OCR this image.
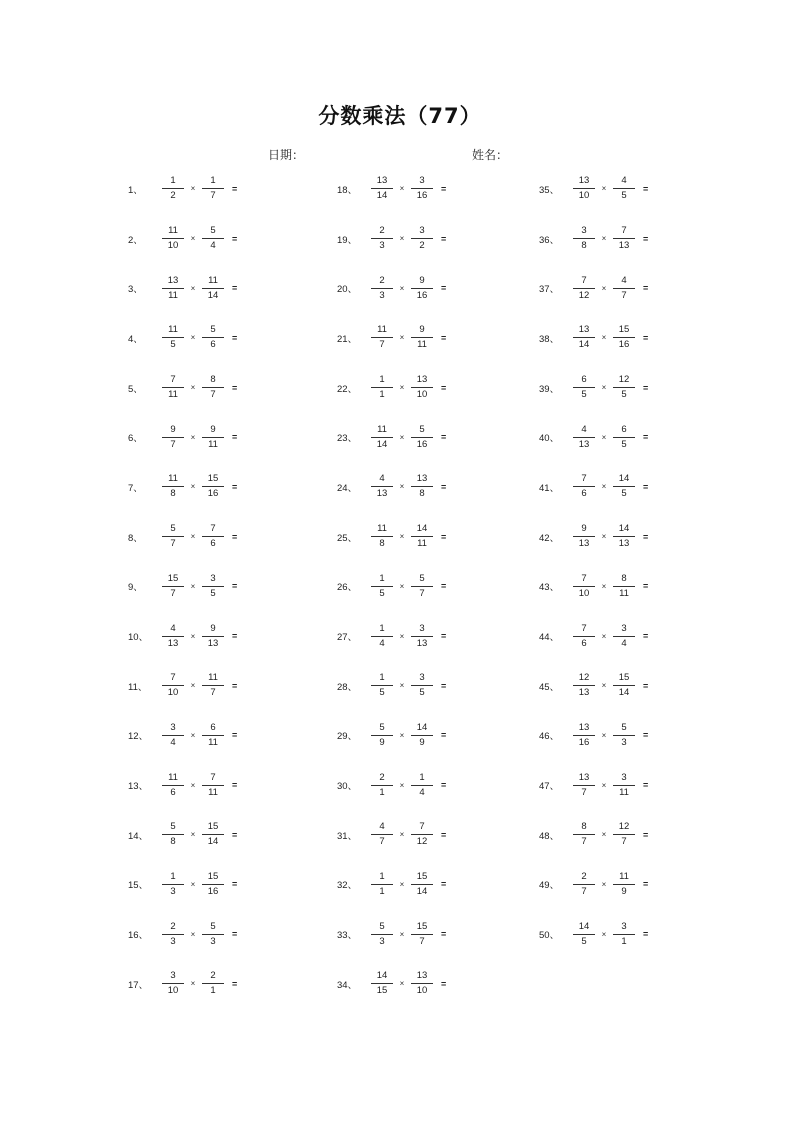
分数乘法（77）
日期：	姓名：
1、	$\frac{1}{2} \times \frac{1}{7}$ =
2、	$\frac{11}{10} \times \frac{5}{4}$ =
3、	$\frac{13}{11} \times \frac{11}{14}$ =
4、	$\frac{11}{5} \times \frac{5}{6}$ =
5、	$\frac{7}{11} \times \frac{8}{7}$ =
6、	$\frac{9}{7} \times \frac{9}{11}$ =
7、	$\frac{11}{8} \times \frac{15}{16}$ =
8、	$\frac{5}{7} \times \frac{7}{6}$ =
9、	$\frac{15}{7} \times \frac{3}{5}$ =
10、	$\frac{4}{13} \times \frac{9}{13}$ =
11、	$\frac{7}{10} \times \frac{11}{7}$ =
12、	$\frac{3}{4} \times \frac{6}{11}$ =
13、	$\frac{11}{6} \times \frac{7}{11}$ =
14、	$\frac{5}{8} \times \frac{15}{14}$ =
15、	$\frac{1}{3} \times \frac{15}{16}$ =
16、	$\frac{2}{3} \times \frac{5}{3}$ =
17、	$\frac{3}{10} \times \frac{2}{1}$ =
18、	$\frac{13}{14} \times \frac{3}{16}$ =
19、	$\frac{2}{3} \times \frac{3}{2}$ =
20、	$\frac{2}{3} \times \frac{9}{16}$ =
21、	$\frac{11}{7} \times \frac{9}{11}$ =
22、	$\frac{1}{1} \times \frac{13}{10}$ =
23、	$\frac{11}{14} \times \frac{5}{16}$ =
24、	$\frac{4}{13} \times \frac{13}{8}$ =
25、	$\frac{11}{8} \times \frac{14}{11}$ =
26、	$\frac{1}{5} \times \frac{5}{7}$ =
27、	$\frac{1}{4} \times \frac{3}{13}$ =
28、	$\frac{1}{5} \times \frac{3}{5}$ =
29、	$\frac{5}{9} \times \frac{14}{9}$ =
30、	$\frac{2}{1} \times \frac{1}{4}$ =
31、	$\frac{4}{7} \times \frac{7}{12}$ =
32、	$\frac{1}{1} \times \frac{15}{14}$ =
33、	$\frac{5}{3} \times \frac{15}{7}$ =
34、	$\frac{14}{15} \times \frac{13}{10}$ =
35、	$\frac{13}{10} \times \frac{4}{5}$ =
36、	$\frac{3}{8} \times \frac{7}{13}$ =
37、	$\frac{7}{12} \times \frac{4}{7}$ =
38、	$\frac{13}{14} \times \frac{15}{16}$ =
39、	$\frac{6}{5} \times \frac{12}{5}$ =
40、	$\frac{4}{13} \times \frac{6}{5}$ =
41、	$\frac{7}{6} \times \frac{14}{5}$ =
42、	$\frac{9}{13} \times \frac{14}{13}$ =
43、	$\frac{7}{10} \times \frac{8}{11}$ =
44、	$\frac{7}{6} \times \frac{3}{4}$ =
45、	$\frac{12}{13} \times \frac{15}{14}$ =
46、	$\frac{13}{16} \times \frac{5}{3}$ =
47、	$\frac{13}{7} \times \frac{3}{11}$ =
48、	$\frac{8}{7} \times \frac{12}{7}$ =
49、	$\frac{2}{7} \times \frac{11}{9}$ =
50、	$\frac{14}{5} \times \frac{3}{1}$ =
